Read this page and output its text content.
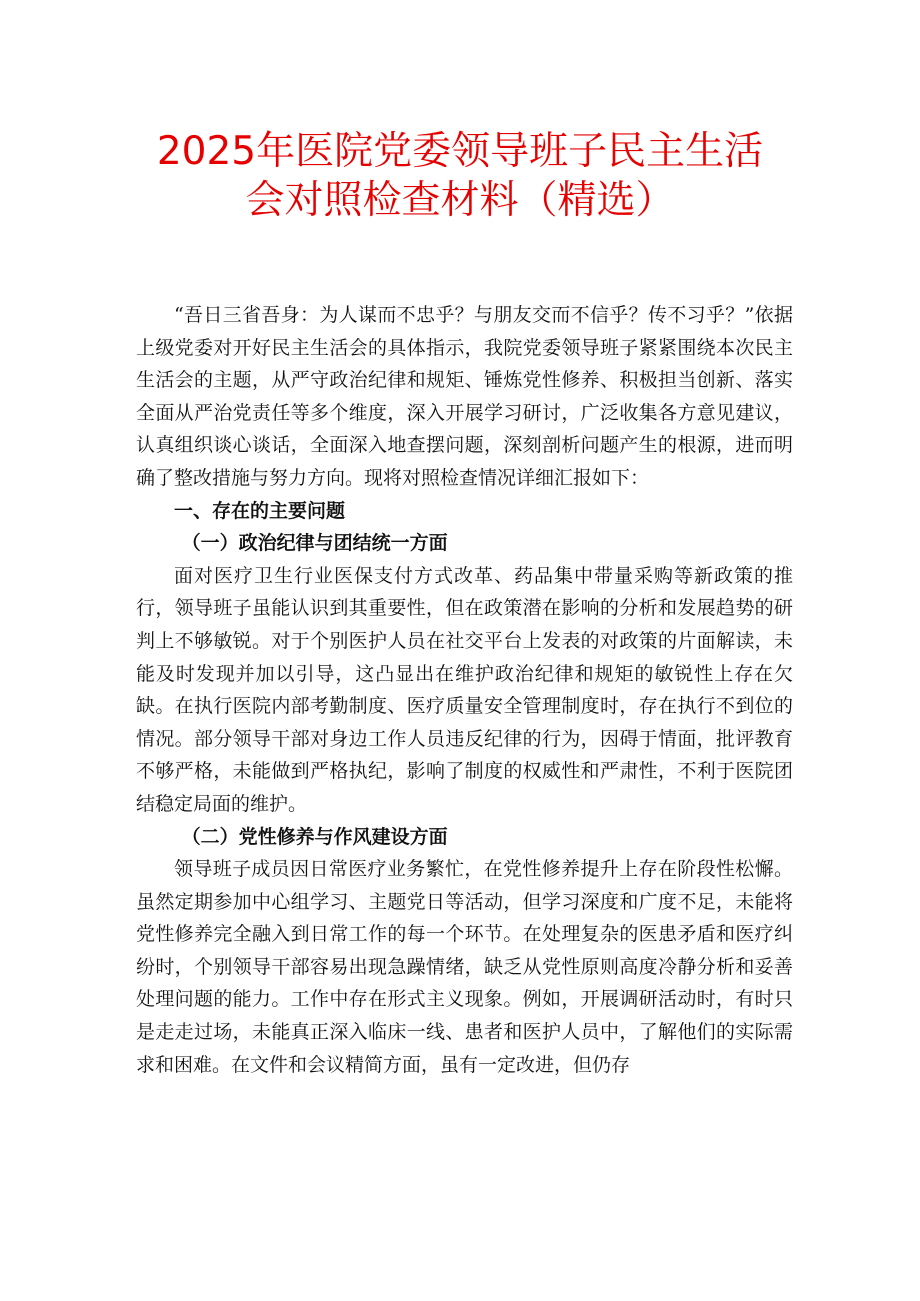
2025年医院党委领导班子民主生活
会对照检查材料（精选）

“吾日三省吾身：为人谋而不忠乎？与朋友交而不信乎？传不习乎？”依据上级党委对开好民主生活会的具体指示，我院党委领导班子紧紧围绕本次民主生活会的主题，从严守政治纪律和规矩、锤炼党性修养、积极担当创新、落实全面从严治党责任等多个维度，深入开展学习研讨，广泛收集各方意见建议，认真组织谈心谈话，全面深入地查摆问题，深刻剖析问题产生的根源，进而明确了整改措施与努力方向。现将对照检查情况详细汇报如下：

一、存在的主要问题

（一）政治纪律与团结统一方面

面对医疗卫生行业医保支付方式改革、药品集中带量采购等新政策的推行，领导班子虽能认识到其重要性，但在政策潜在影响的分析和发展趋势的研判上不够敏锐。对于个别医护人员在社交平台上发表的对政策的片面解读，未能及时发现并加以引导，这凸显出在维护政治纪律和规矩的敏锐性上存在欠缺。在执行医院内部考勤制度、医疗质量安全管理制度时，存在执行不到位的情况。部分领导干部对身边工作人员违反纪律的行为，因碍于情面，批评教育不够严格，未能做到严格执纪，影响了制度的权威性和严肃性，不利于医院团结稳定局面的维护。

（二）党性修养与作风建设方面

领导班子成员因日常医疗业务繁忙，在党性修养提升上存在阶段性松懈。虽然定期参加中心组学习、主题党日等活动，但学习深度和广度不足，未能将党性修养完全融入到日常工作的每一个环节。在处理复杂的医患矛盾和医疗纠纷时，个别领导干部容易出现急躁情绪，缺乏从党性原则高度冷静分析和妥善处理问题的能力。工作中存在形式主义现象。例如，开展调研活动时，有时只是走走过场，未能真正深入临床一线、患者和医护人员中，了解他们的实际需求和困难。在文件和会议精简方面，虽有一定改进，但仍存
